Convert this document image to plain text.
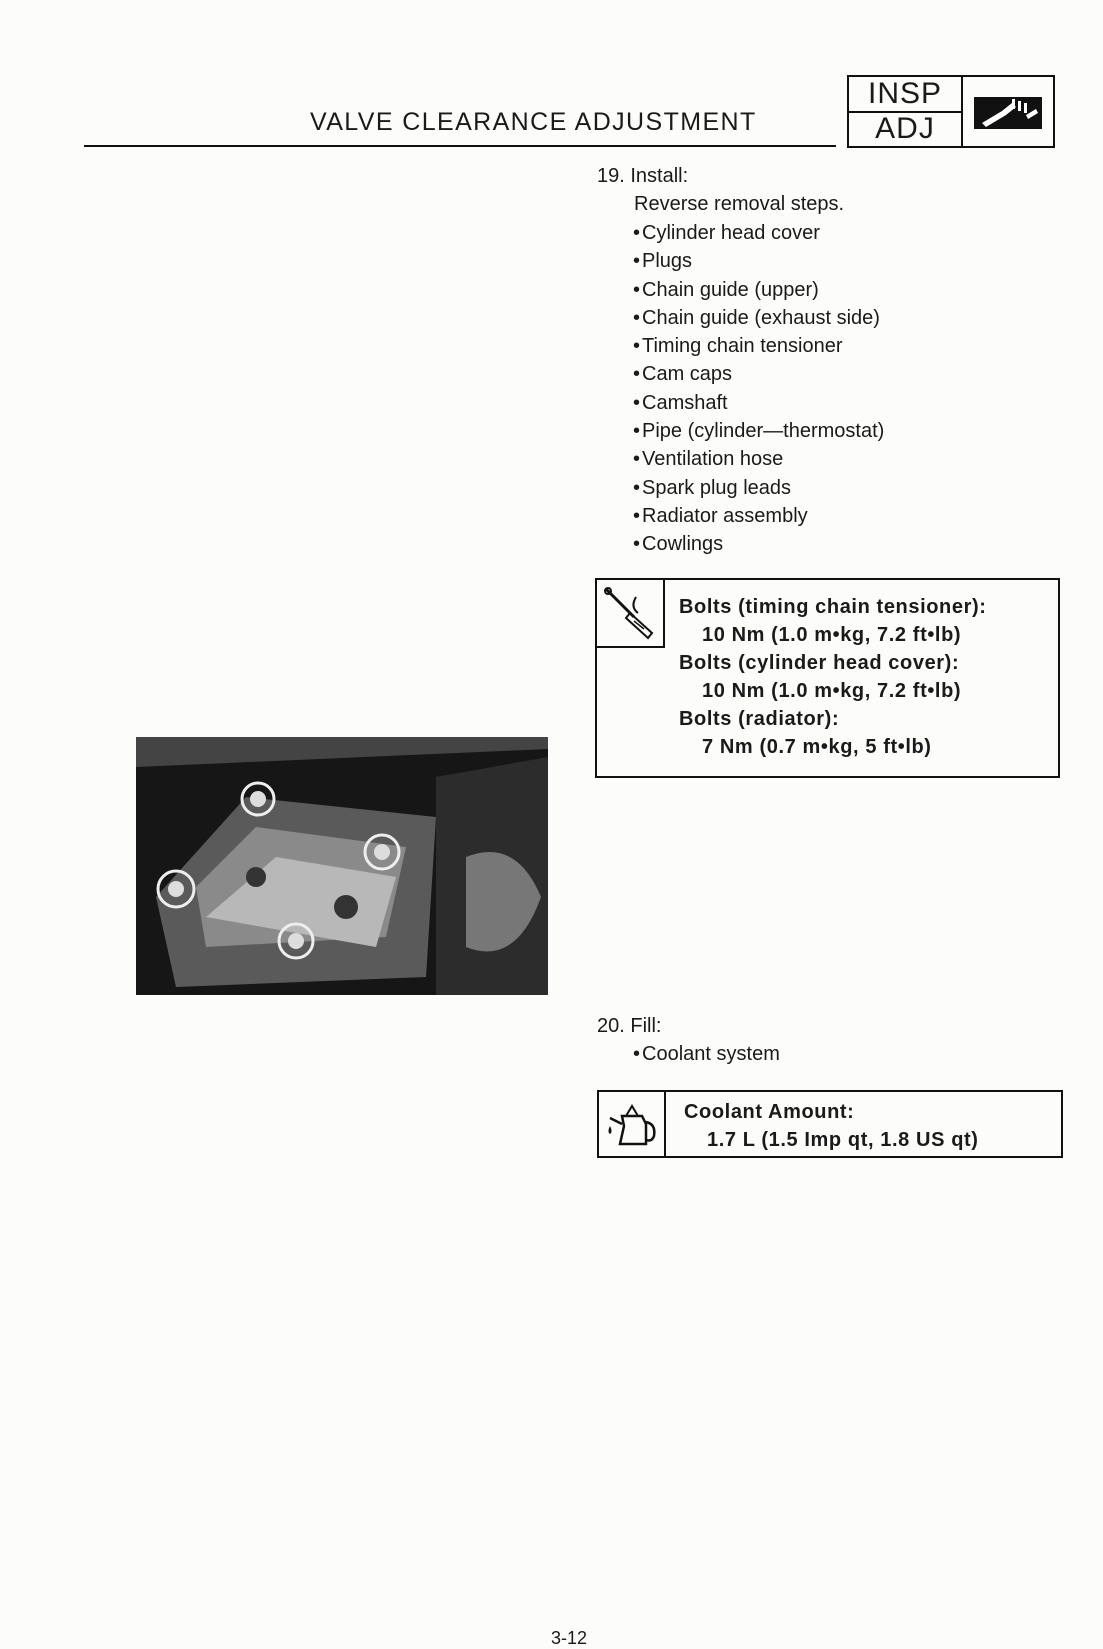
VALVE CLEARANCE ADJUSTMENT
INSP
ADJ
19. Install:
Reverse removal steps.
• Cylinder head cover
• Plugs
• Chain guide (upper)
• Chain guide (exhaust side)
• Timing chain tensioner
• Cam caps
• Camshaft
• Pipe (cylinder—thermostat)
• Ventilation hose
• Spark plug leads
• Radiator assembly
• Cowlings
Bolts (timing chain tensioner):
10 Nm (1.0 m•kg, 7.2 ft•lb)
Bolts (cylinder head cover):
10 Nm (1.0 m•kg, 7.2 ft•lb)
Bolts (radiator):
7 Nm (0.7 m•kg, 5 ft•lb)
20. Fill:
• Coolant system
Coolant Amount:
1.7 L (1.5 Imp qt, 1.8 US qt)
3-12
